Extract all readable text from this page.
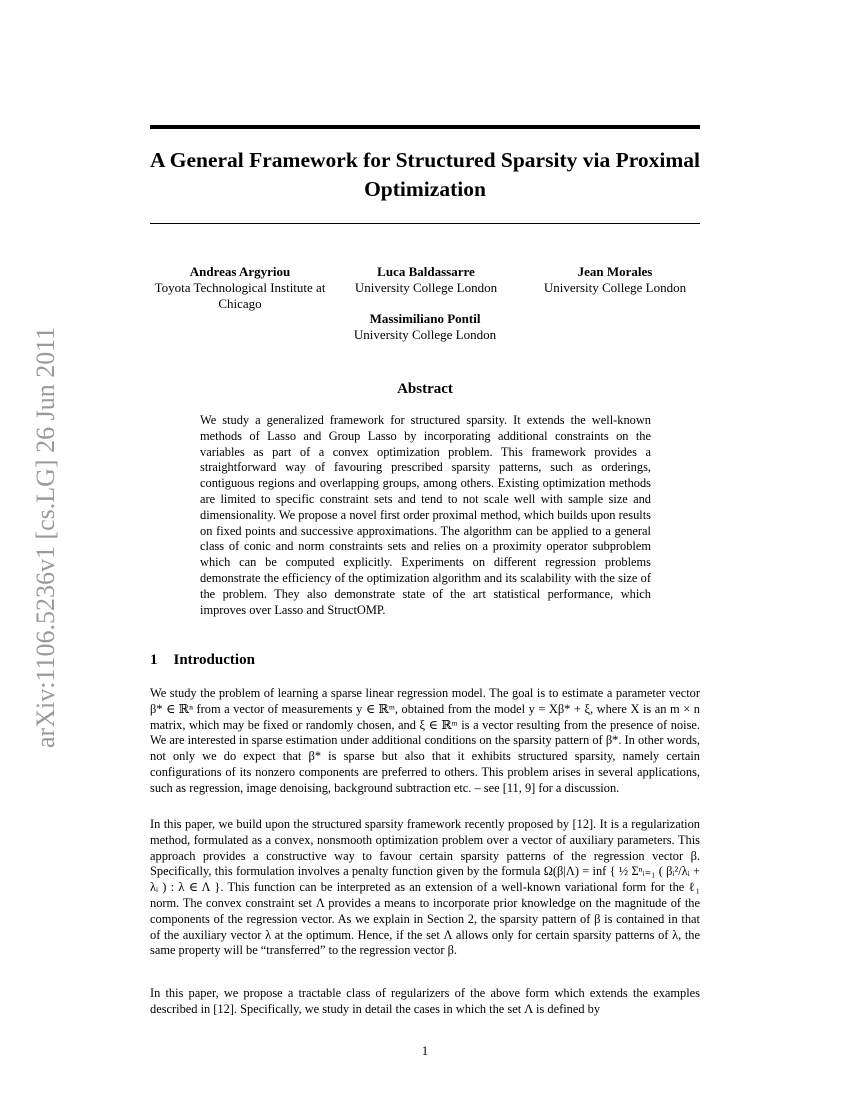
arXiv:1106.5236v1 [cs.LG] 26 Jun 2011
A General Framework for Structured Sparsity via Proximal Optimization
Andreas Argyriou
Toyota Technological Institute at Chicago
Luca Baldassarre
University College London
Jean Morales
University College London
Massimiliano Pontil
University College London
Abstract

We study a generalized framework for structured sparsity. It extends the well-known methods of Lasso and Group Lasso by incorporating additional constraints on the variables as part of a convex optimization problem. This framework provides a straightforward way of favouring prescribed sparsity patterns, such as orderings, contiguous regions and overlapping groups, among others. Existing optimization methods are limited to specific constraint sets and tend to not scale well with sample size and dimensionality. We propose a novel first order proximal method, which builds upon results on fixed points and successive approximations. The algorithm can be applied to a general class of conic and norm constraints sets and relies on a proximity operator subproblem which can be computed explicitly. Experiments on different regression problems demonstrate the efficiency of the optimization algorithm and its scalability with the size of the problem. They also demonstrate state of the art statistical performance, which improves over Lasso and StructOMP.

1 Introduction

We study the problem of learning a sparse linear regression model. The goal is to estimate a parameter vector β* ∈ ℝⁿ from a vector of measurements y ∈ ℝᵐ, obtained from the model y = Xβ* + ξ, where X is an m × n matrix, which may be fixed or randomly chosen, and ξ ∈ ℝᵐ is a vector resulting from the presence of noise. We are interested in sparse estimation under additional conditions on the sparsity pattern of β*. In other words, not only we do expect that β* is sparse but also that it exhibits structured sparsity, namely certain configurations of its nonzero components are preferred to others. This problem arises in several applications, such as regression, image denoising, background subtraction etc. – see [11, 9] for a discussion.

In this paper, we build upon the structured sparsity framework recently proposed by [12]. It is a regularization method, formulated as a convex, nonsmooth optimization problem over a vector of auxiliary parameters. This approach provides a constructive way to favour certain sparsity patterns of the regression vector β. Specifically, this formulation involves a penalty function given by the formula Ω(β|Λ) = inf { ½ Σⁿᵢ₌₁ ( βᵢ²/λᵢ + λᵢ ) : λ ∈ Λ }. This function can be interpreted as an extension of a well-known variational form for the ℓ₁ norm. The convex constraint set Λ provides a means to incorporate prior knowledge on the magnitude of the components of the regression vector. As we explain in Section 2, the sparsity pattern of β is contained in that of the auxiliary vector λ at the optimum. Hence, if the set Λ allows only for certain sparsity patterns of λ, the same property will be “transferred” to the regression vector β.

In this paper, we propose a tractable class of regularizers of the above form which extends the examples described in [12]. Specifically, we study in detail the cases in which the set Λ is defined by

1
